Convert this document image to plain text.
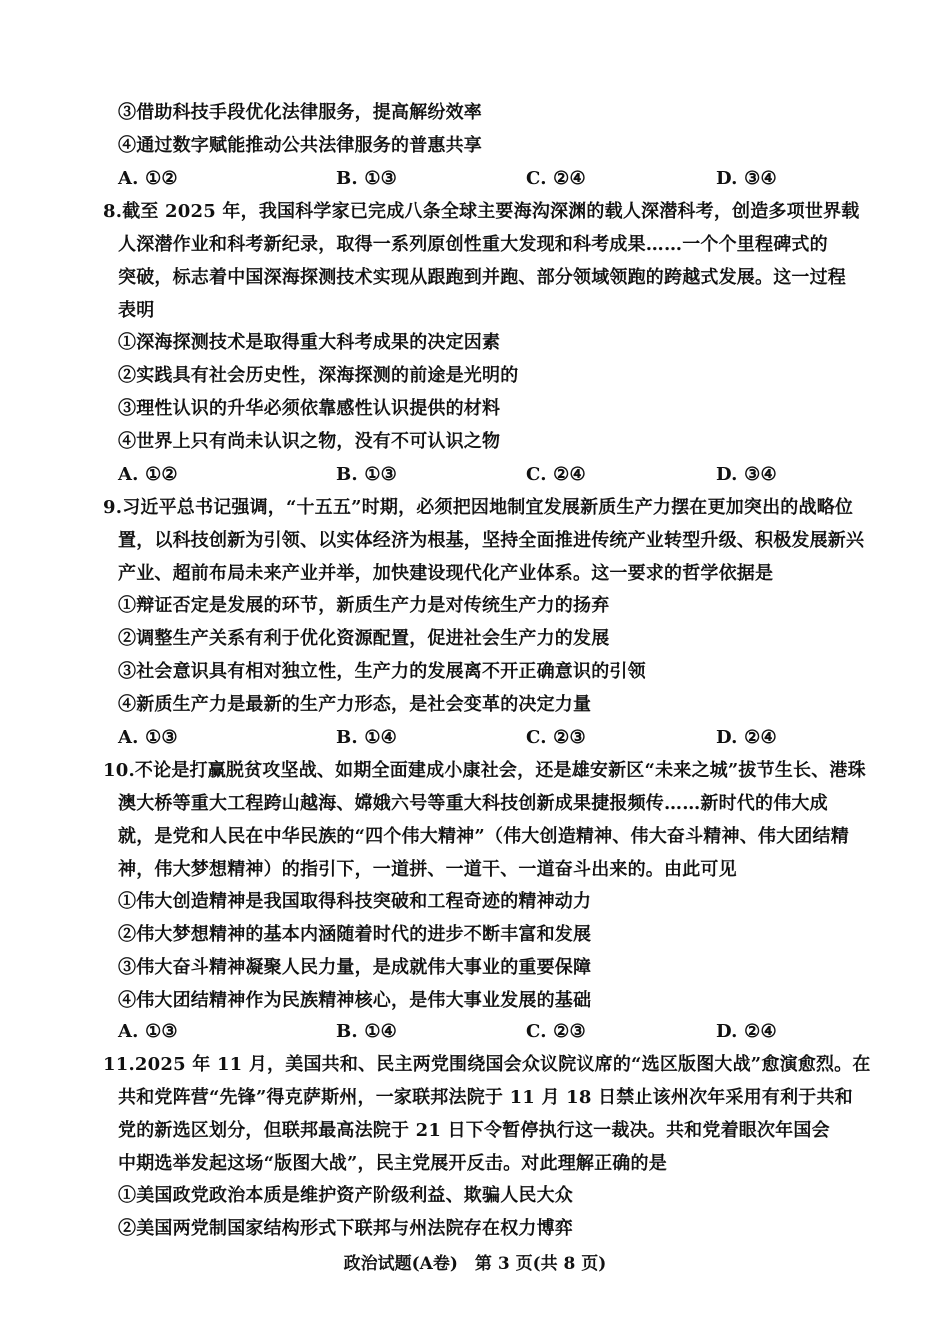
③借助科技手段优化法律服务，提高解纷效率
④通过数字赋能推动公共法律服务的普惠共享
A. ①②	B. ①③	C. ②④	D. ③④
8.截至 2025 年，我国科学家已完成八条全球主要海沟深渊的载人深潜科考，创造多项世界载
人深潜作业和科考新纪录，取得一系列原创性重大发现和科考成果……一个个里程碑式的
突破，标志着中国深海探测技术实现从跟跑到并跑、部分领域领跑的跨越式发展。这一过程
表明
①深海探测技术是取得重大科考成果的决定因素
②实践具有社会历史性，深海探测的前途是光明的
③理性认识的升华必须依靠感性认识提供的材料
④世界上只有尚未认识之物，没有不可认识之物
A. ①②	B. ①③	C. ②④	D. ③④
9.习近平总书记强调，“十五五”时期，必须把因地制宜发展新质生产力摆在更加突出的战略位
置，以科技创新为引领、以实体经济为根基，坚持全面推进传统产业转型升级、积极发展新兴
产业、超前布局未来产业并举，加快建设现代化产业体系。这一要求的哲学依据是
①辩证否定是发展的环节，新质生产力是对传统生产力的扬弃
②调整生产关系有利于优化资源配置，促进社会生产力的发展
③社会意识具有相对独立性，生产力的发展离不开正确意识的引领
④新质生产力是最新的生产力形态，是社会变革的决定力量
A. ①③	B. ①④	C. ②③	D. ②④
10.不论是打赢脱贫攻坚战、如期全面建成小康社会，还是雄安新区“未来之城”拔节生长、港珠
澳大桥等重大工程跨山越海、嫦娥六号等重大科技创新成果捷报频传……新时代的伟大成
就，是党和人民在中华民族的“四个伟大精神”（伟大创造精神、伟大奋斗精神、伟大团结精
神，伟大梦想精神）的指引下，一道拼、一道干、一道奋斗出来的。由此可见
①伟大创造精神是我国取得科技突破和工程奇迹的精神动力
②伟大梦想精神的基本内涵随着时代的进步不断丰富和发展
③伟大奋斗精神凝聚人民力量，是成就伟大事业的重要保障
④伟大团结精神作为民族精神核心，是伟大事业发展的基础
A. ①③	B. ①④	C. ②③	D. ②④
11.2025 年 11 月，美国共和、民主两党围绕国会众议院议席的“选区版图大战”愈演愈烈。在
共和党阵营“先锋”得克萨斯州，一家联邦法院于 11 月 18 日禁止该州次年采用有利于共和
党的新选区划分，但联邦最高法院于 21 日下令暂停执行这一裁决。共和党着眼次年国会
中期选举发起这场“版图大战”，民主党展开反击。对此理解正确的是
①美国政党政治本质是维护资产阶级利益、欺骗人民大众
②美国两党制国家结构形式下联邦与州法院存在权力博弈
政治试题(A卷)　第 3 页(共 8 页)
